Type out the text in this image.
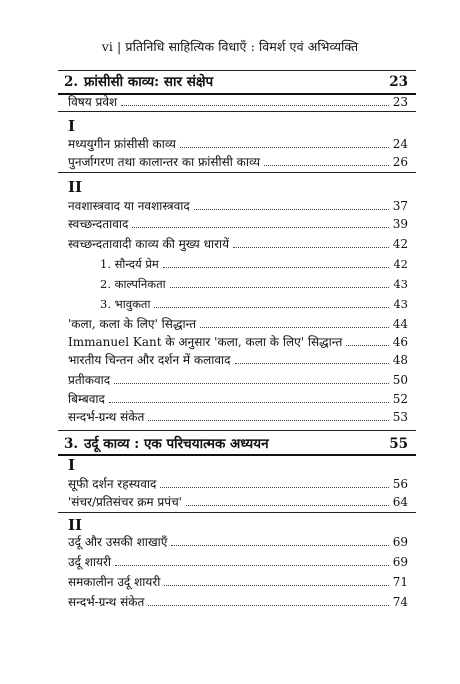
vi | प्रतिनिधि साहित्यिक विधाएँ : विमर्श एवं अभिव्यक्ति
2. फ्रांसीसी काव्य: सार संक्षेप	23
विषय प्रवेश	23
I
मध्ययुगीन फ्रांसीसी काव्य	24
पुनर्जागरण तथा कालान्तर का फ्रांसीसी काव्य	26
II
नवशास्त्रवाद या नवशास्त्रवाद	37
स्वच्छन्दतावाद	39
स्वच्छन्दतावादी काव्य की मुख्य धारायें	42
1. सौन्दर्य प्रेम	42
2. काल्पनिकता	43
3. भावुकता	43
'कला, कला के लिए' सिद्धान्त	44
Immanuel Kant के अनुसार 'कला, कला के लिए' सिद्धान्त	46
भारतीय चिन्तन और दर्शन में कलावाद	48
प्रतीकवाद	50
बिम्बवाद	52
सन्दर्भ-ग्रन्थ संकेत	53
3. उर्दू काव्य : एक परिचयात्मक अध्ययन	55
I
सूफी दर्शन रहस्यवाद	56
'संचर/प्रतिसंचर क्रम प्रपंच'	64
II
उर्दू और उसकी शाखाएँ	69
उर्दू शायरी	69
समकालीन उर्दू शायरी	71
सन्दर्भ-ग्रन्थ संकेत	74
